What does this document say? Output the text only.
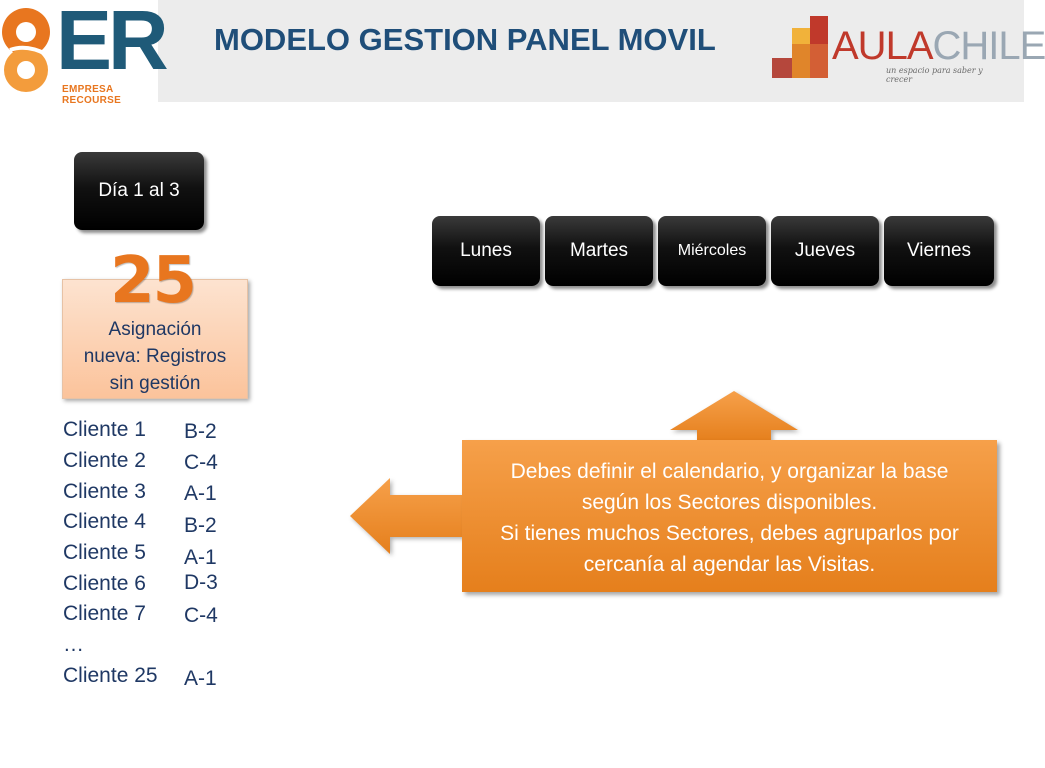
ER
EMPRESA RECOURSE
MODELO GESTION PANEL MOVIL	AULACHILE
un espacio para saber y crecer
Día 1 al 3
Lunes	Martes	Miércoles	Jueves	Viernes
Asignación
nueva: Registros
sin gestión
25
Cliente 1 B-2
Cliente 2 C-4
Cliente 3 A-1
Cliente 4 B-2
Cliente 5 A-1
Cliente 6 D-3
Cliente 7 C-4
…
Cliente 25 A-1
Debes definir el calendario, y organizar la base
según los Sectores disponibles.
Si tienes muchos Sectores, debes agruparlos por
cercanía al agendar las Visitas.
